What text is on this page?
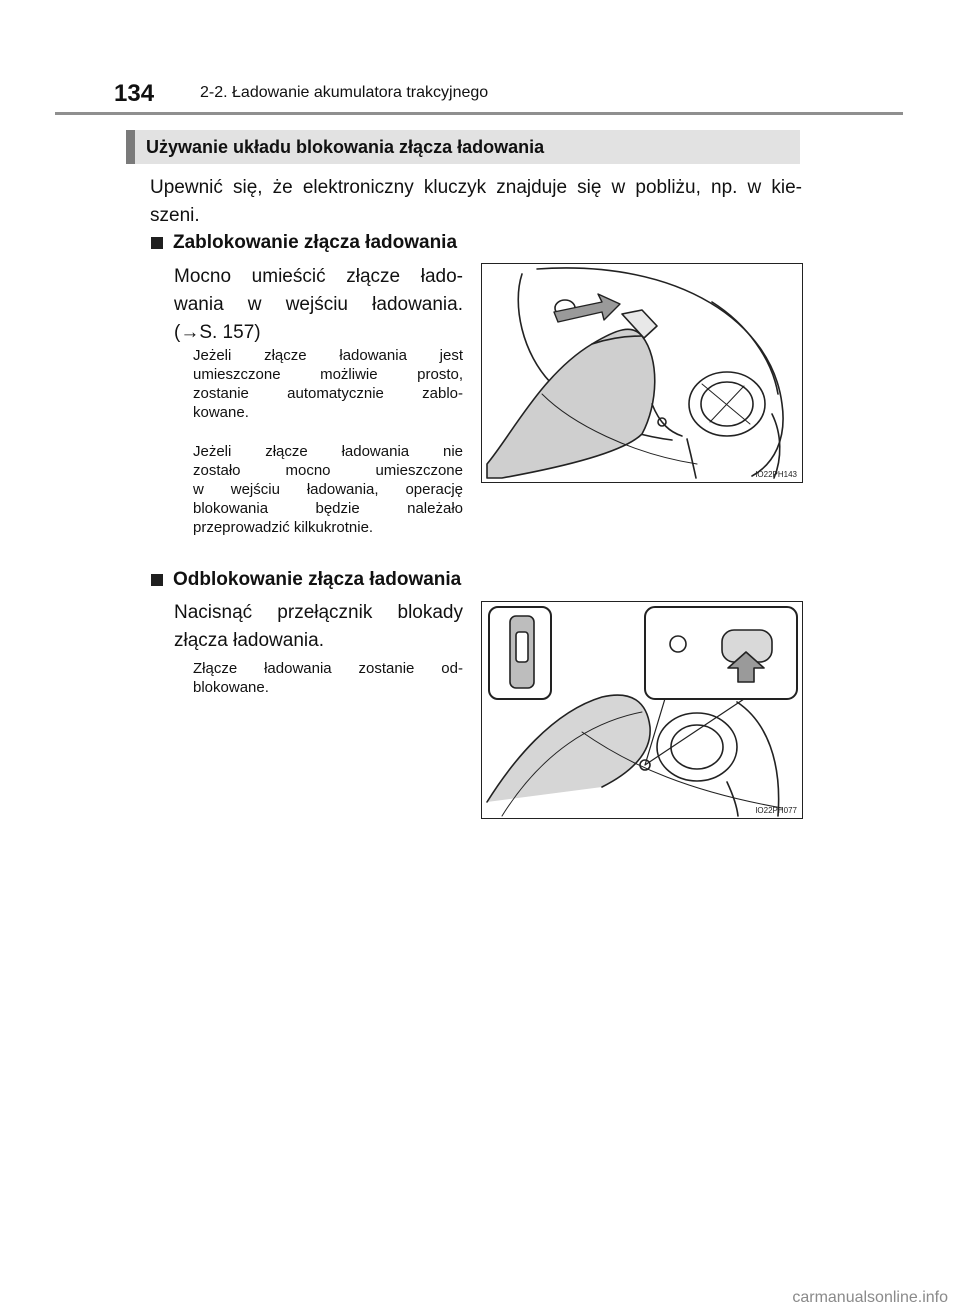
134	2-2. Ładowanie akumulatora trakcyjnego
Używanie układu blokowania złącza ładowania
Upewnić się, że elektroniczny kluczyk znajduje się w pobliżu, np. w kie-
szeni.
Zablokowanie złącza ładowania
Mocno umieścić złącze łado-
wania w wejściu ładowania.
(→S. 157)
Jeżeli złącze ładowania jest
umieszczone możliwie prosto,
zostanie automatycznie zablo-
kowane.
Jeżeli złącze ładowania nie
zostało mocno umieszczone
w wejściu ładowania, operację
blokowania będzie należało
przeprowadzić kilkukrotnie.
IO22PH143
Odblokowanie złącza ładowania
Nacisnąć przełącznik blokady
złącza ładowania.
Złącze ładowania zostanie od-
blokowane.
IO22PH077
carmanualsonline.info
